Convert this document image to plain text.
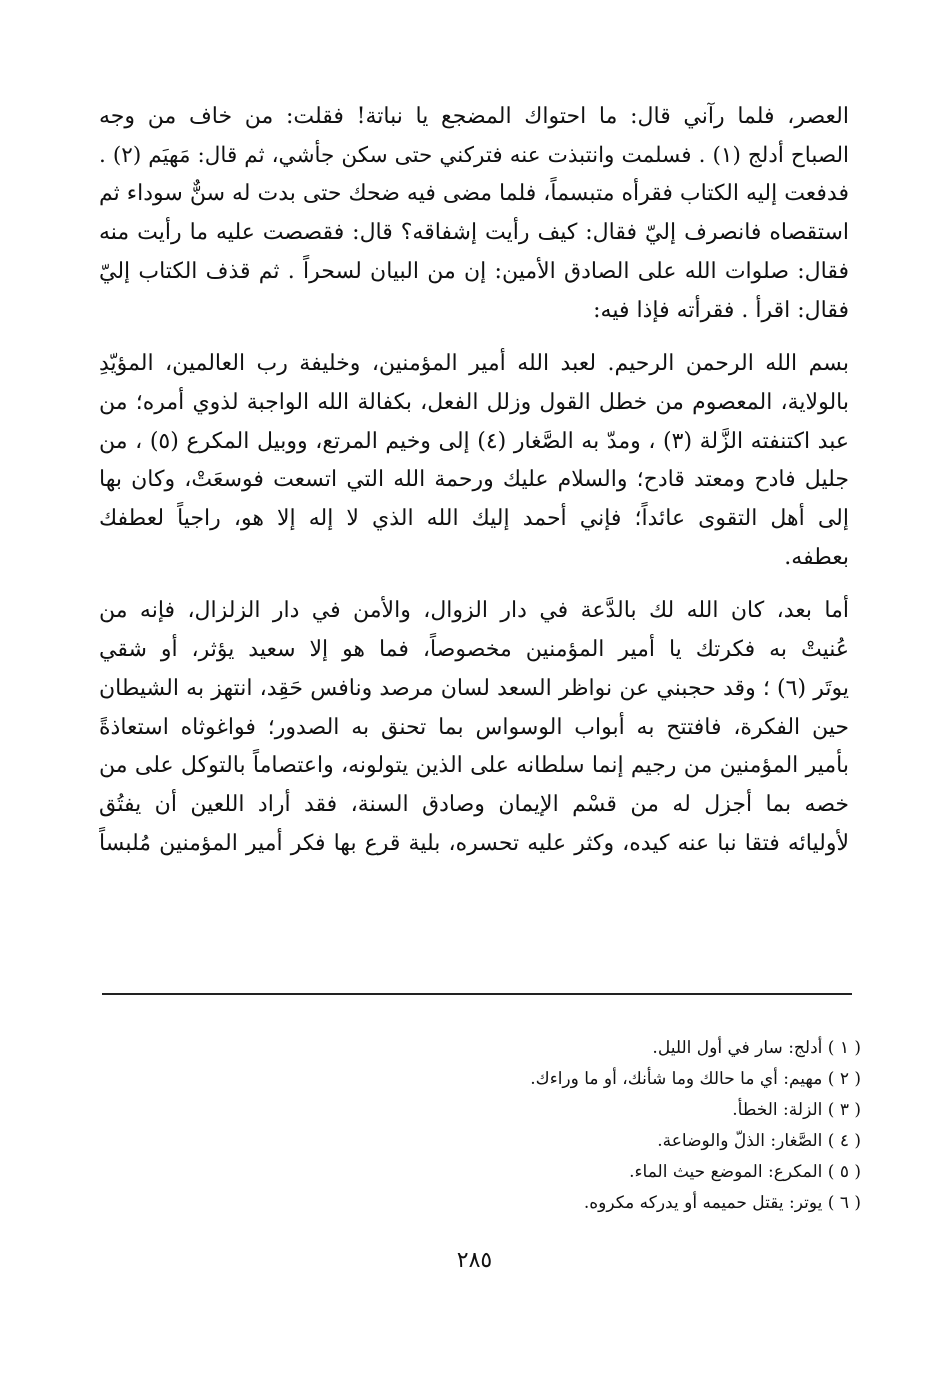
العصر، فلما رآني قال: ما احتواك المضجع يا نباتة! فقلت: من خاف من وجه
الصباح أدلج (١) . فسلمت وانتبذت عنه فتركني حتى سكن جأشي، ثم قال: مَهيَم (٢) .
فدفعت إليه الكتاب فقرأه متبسماً، فلما مضى فيه ضحك حتى بدت له سنٌّ سوداء ثم
استقصاه فانصرف إليّ فقال: كيف رأيت إشفاقه؟ قال: فقصصت عليه ما رأيت منه
فقال: صلوات الله على الصادق الأمين: إن من البيان لسحراً . ثم قذف الكتاب إليّ
فقال: اقرأ . فقرأته فإذا فيه:

بسم الله الرحمن الرحيم. لعبد الله أمير المؤمنين، وخليفة رب العالمين، المؤيّدِ
بالولاية، المعصوم من خطل القول وزلل الفعل، بكفالة الله الواجبة لذوي أمره؛ من
عبد اكتنفته الزَّلة (٣) ، ومدّ به الصَّغار (٤) إلى وخيم المرتع، ووبيل المكرع (٥) ، من
جليل فادح ومعتد قادح؛ والسلام عليك ورحمة الله التي اتسعت فوسعَتْ، وكان بها
إلى أهل التقوى عائداً؛ فإني أحمد إليك الله الذي لا إله إلا هو، راجياً لعطفك
بعطفه.

أما بعد، كان الله لك بالدَّعة في دار الزوال، والأمن في دار الزلزال، فإنه من
عُنيتْ به فكرتك يا أمير المؤمنين مخصوصاً، فما هو إلا سعيد يؤثر، أو شقي
يوتَر (٦) ؛ وقد حجبني عن نواظر السعد لسان مرصد ونافس حَقِد، انتهز به الشيطان
حين الفكرة، فافتتح به أبواب الوسواس بما تحنق به الصدور؛ فواغوثاه استعاذةً
بأمير المؤمنين من رجيم إنما سلطانه على الذين يتولونه، واعتصاماً بالتوكل على من
خصه بما أجزل له من قسْم الإيمان وصادق السنة، فقد أراد اللعين أن يفتُق
لأوليائه فتقا نبا عنه كيده، وكثر عليه تحسره، بلية قرع بها فكر أمير المؤمنين مُلبساً

( ١ ) أدلج: سار في أول الليل.
( ٢ ) مهيم: أي ما حالك وما شأنك، أو ما وراءك.
( ٣ ) الزلة: الخطأ.
( ٤ ) الصَّغار: الذلّ والوضاعة.
( ٥ ) المكرع: الموضع حيث الماء.
( ٦ ) يوتر: يقتل حميمه أو يدركه مكروه.
٢٨٥
